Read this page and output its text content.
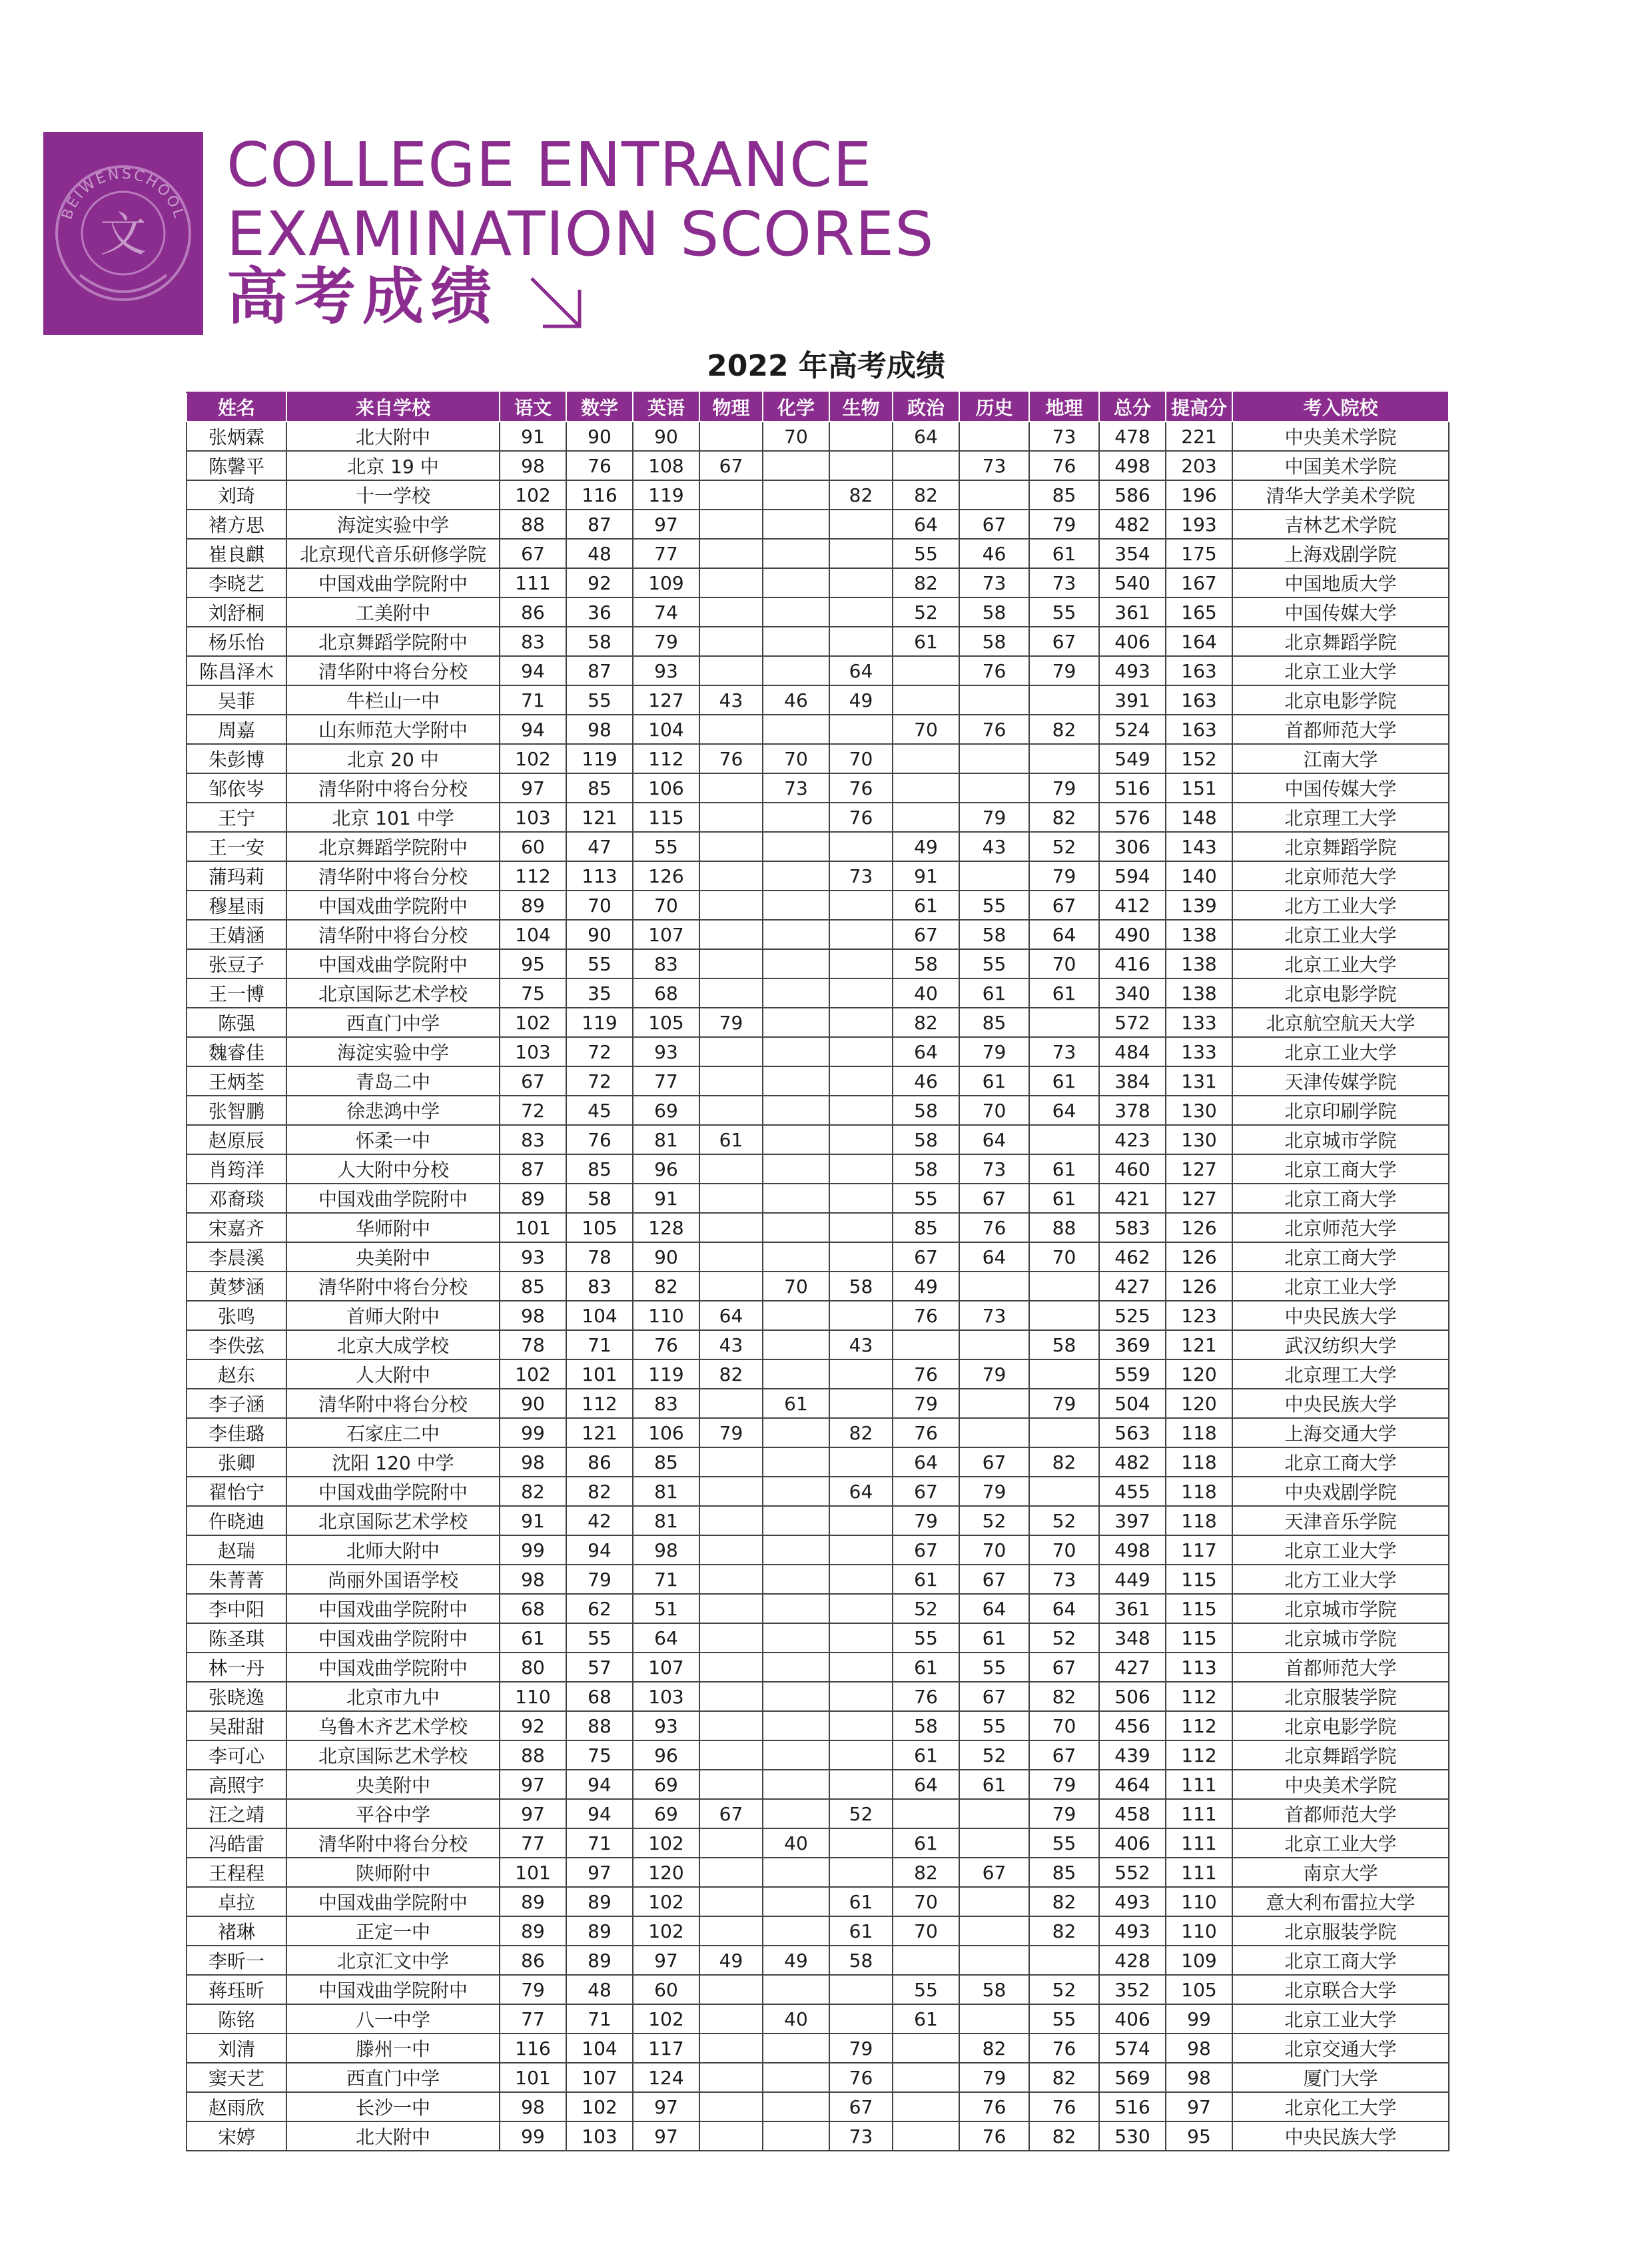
BEIWENSCHOOL
文
COLLEGE ENTRANCE
EXAMINATION SCORES
高考成绩
2022 年高考成绩
姓名	来自学校	语文	数学	英语	物理	化学	生物	政治	历史	地理	总分	提高分	考入院校
张炳霖	北大附中	91	90	90		70		64		73	478	221	中央美术学院
陈馨平	北京 19 中	98	76	108	67				73	76	498	203	中国美术学院
刘琦	十一学校	102	116	119			82	82		85	586	196	清华大学美术学院
褚方思	海淀实验中学	88	87	97				64	67	79	482	193	吉林艺术学院
崔良麒	北京现代音乐研修学院	67	48	77				55	46	61	354	175	上海戏剧学院
李晓艺	中国戏曲学院附中	111	92	109				82	73	73	540	167	中国地质大学
刘舒桐	工美附中	86	36	74				52	58	55	361	165	中国传媒大学
杨乐怡	北京舞蹈学院附中	83	58	79				61	58	67	406	164	北京舞蹈学院
陈昌泽木	清华附中将台分校	94	87	93			64		76	79	493	163	北京工业大学
吴菲	牛栏山一中	71	55	127	43	46	49				391	163	北京电影学院
周嘉	山东师范大学附中	94	98	104				70	76	82	524	163	首都师范大学
朱彭博	北京 20 中	102	119	112	76	70	70				549	152	江南大学
邹依岑	清华附中将台分校	97	85	106		73	76			79	516	151	中国传媒大学
王宁	北京 101 中学	103	121	115			76		79	82	576	148	北京理工大学
王一安	北京舞蹈学院附中	60	47	55				49	43	52	306	143	北京舞蹈学院
蒲玛莉	清华附中将台分校	112	113	126			73	91		79	594	140	北京师范大学
穆星雨	中国戏曲学院附中	89	70	70				61	55	67	412	139	北方工业大学
王婧涵	清华附中将台分校	104	90	107				67	58	64	490	138	北京工业大学
张豆子	中国戏曲学院附中	95	55	83				58	55	70	416	138	北京工业大学
王一博	北京国际艺术学校	75	35	68				40	61	61	340	138	北京电影学院
陈强	西直门中学	102	119	105	79			82	85		572	133	北京航空航天大学
魏睿佳	海淀实验中学	103	72	93				64	79	73	484	133	北京工业大学
王炳荃	青岛二中	67	72	77				46	61	61	384	131	天津传媒学院
张智鹏	徐悲鸿中学	72	45	69				58	70	64	378	130	北京印刷学院
赵原辰	怀柔一中	83	76	81	61			58	64		423	130	北京城市学院
肖筠洋	人大附中分校	87	85	96				58	73	61	460	127	北京工商大学
邓裔琰	中国戏曲学院附中	89	58	91				55	67	61	421	127	北京工商大学
宋嘉齐	华师附中	101	105	128				85	76	88	583	126	北京师范大学
李晨溪	央美附中	93	78	90				67	64	70	462	126	北京工商大学
黄梦涵	清华附中将台分校	85	83	82		70	58	49			427	126	北京工业大学
张鸣	首师大附中	98	104	110	64			76	73		525	123	中央民族大学
李佚弦	北京大成学校	78	71	76	43		43			58	369	121	武汉纺织大学
赵东	人大附中	102	101	119	82			76	79		559	120	北京理工大学
李子涵	清华附中将台分校	90	112	83		61		79		79	504	120	中央民族大学
李佳璐	石家庄二中	99	121	106	79		82	76			563	118	上海交通大学
张卿	沈阳 120 中学	98	86	85				64	67	82	482	118	北京工商大学
翟怡宁	中国戏曲学院附中	82	82	81			64	67	79		455	118	中央戏剧学院
仵晓迪	北京国际艺术学校	91	42	81				79	52	52	397	118	天津音乐学院
赵瑞	北师大附中	99	94	98				67	70	70	498	117	北京工业大学
朱菁菁	尚丽外国语学校	98	79	71				61	67	73	449	115	北方工业大学
李中阳	中国戏曲学院附中	68	62	51				52	64	64	361	115	北京城市学院
陈圣琪	中国戏曲学院附中	61	55	64				55	61	52	348	115	北京城市学院
林一丹	中国戏曲学院附中	80	57	107				61	55	67	427	113	首都师范大学
张晓逸	北京市九中	110	68	103				76	67	82	506	112	北京服装学院
吴甜甜	乌鲁木齐艺术学校	92	88	93				58	55	70	456	112	北京电影学院
李可心	北京国际艺术学校	88	75	96				61	52	67	439	112	北京舞蹈学院
高照宇	央美附中	97	94	69				64	61	79	464	111	中央美术学院
汪之靖	平谷中学	97	94	69	67		52			79	458	111	首都师范大学
冯皓雷	清华附中将台分校	77	71	102		40		61		55	406	111	北京工业大学
王程程	陕师附中	101	97	120				82	67	85	552	111	南京大学
卓拉	中国戏曲学院附中	89	89	102			61	70		82	493	110	意大利布雷拉大学
褚琳	正定一中	89	89	102			61	70		82	493	110	北京服装学院
李昕一	北京汇文中学	86	89	97	49	49	58				428	109	北京工商大学
蒋珏昕	中国戏曲学院附中	79	48	60				55	58	52	352	105	北京联合大学
陈铭	八一中学	77	71	102		40		61		55	406	99	北京工业大学
刘清	滕州一中	116	104	117			79		82	76	574	98	北京交通大学
窦天艺	西直门中学	101	107	124			76		79	82	569	98	厦门大学
赵雨欣	长沙一中	98	102	97			67		76	76	516	97	北京化工大学
宋婷	北大附中	99	103	97			73		76	82	530	95	中央民族大学
